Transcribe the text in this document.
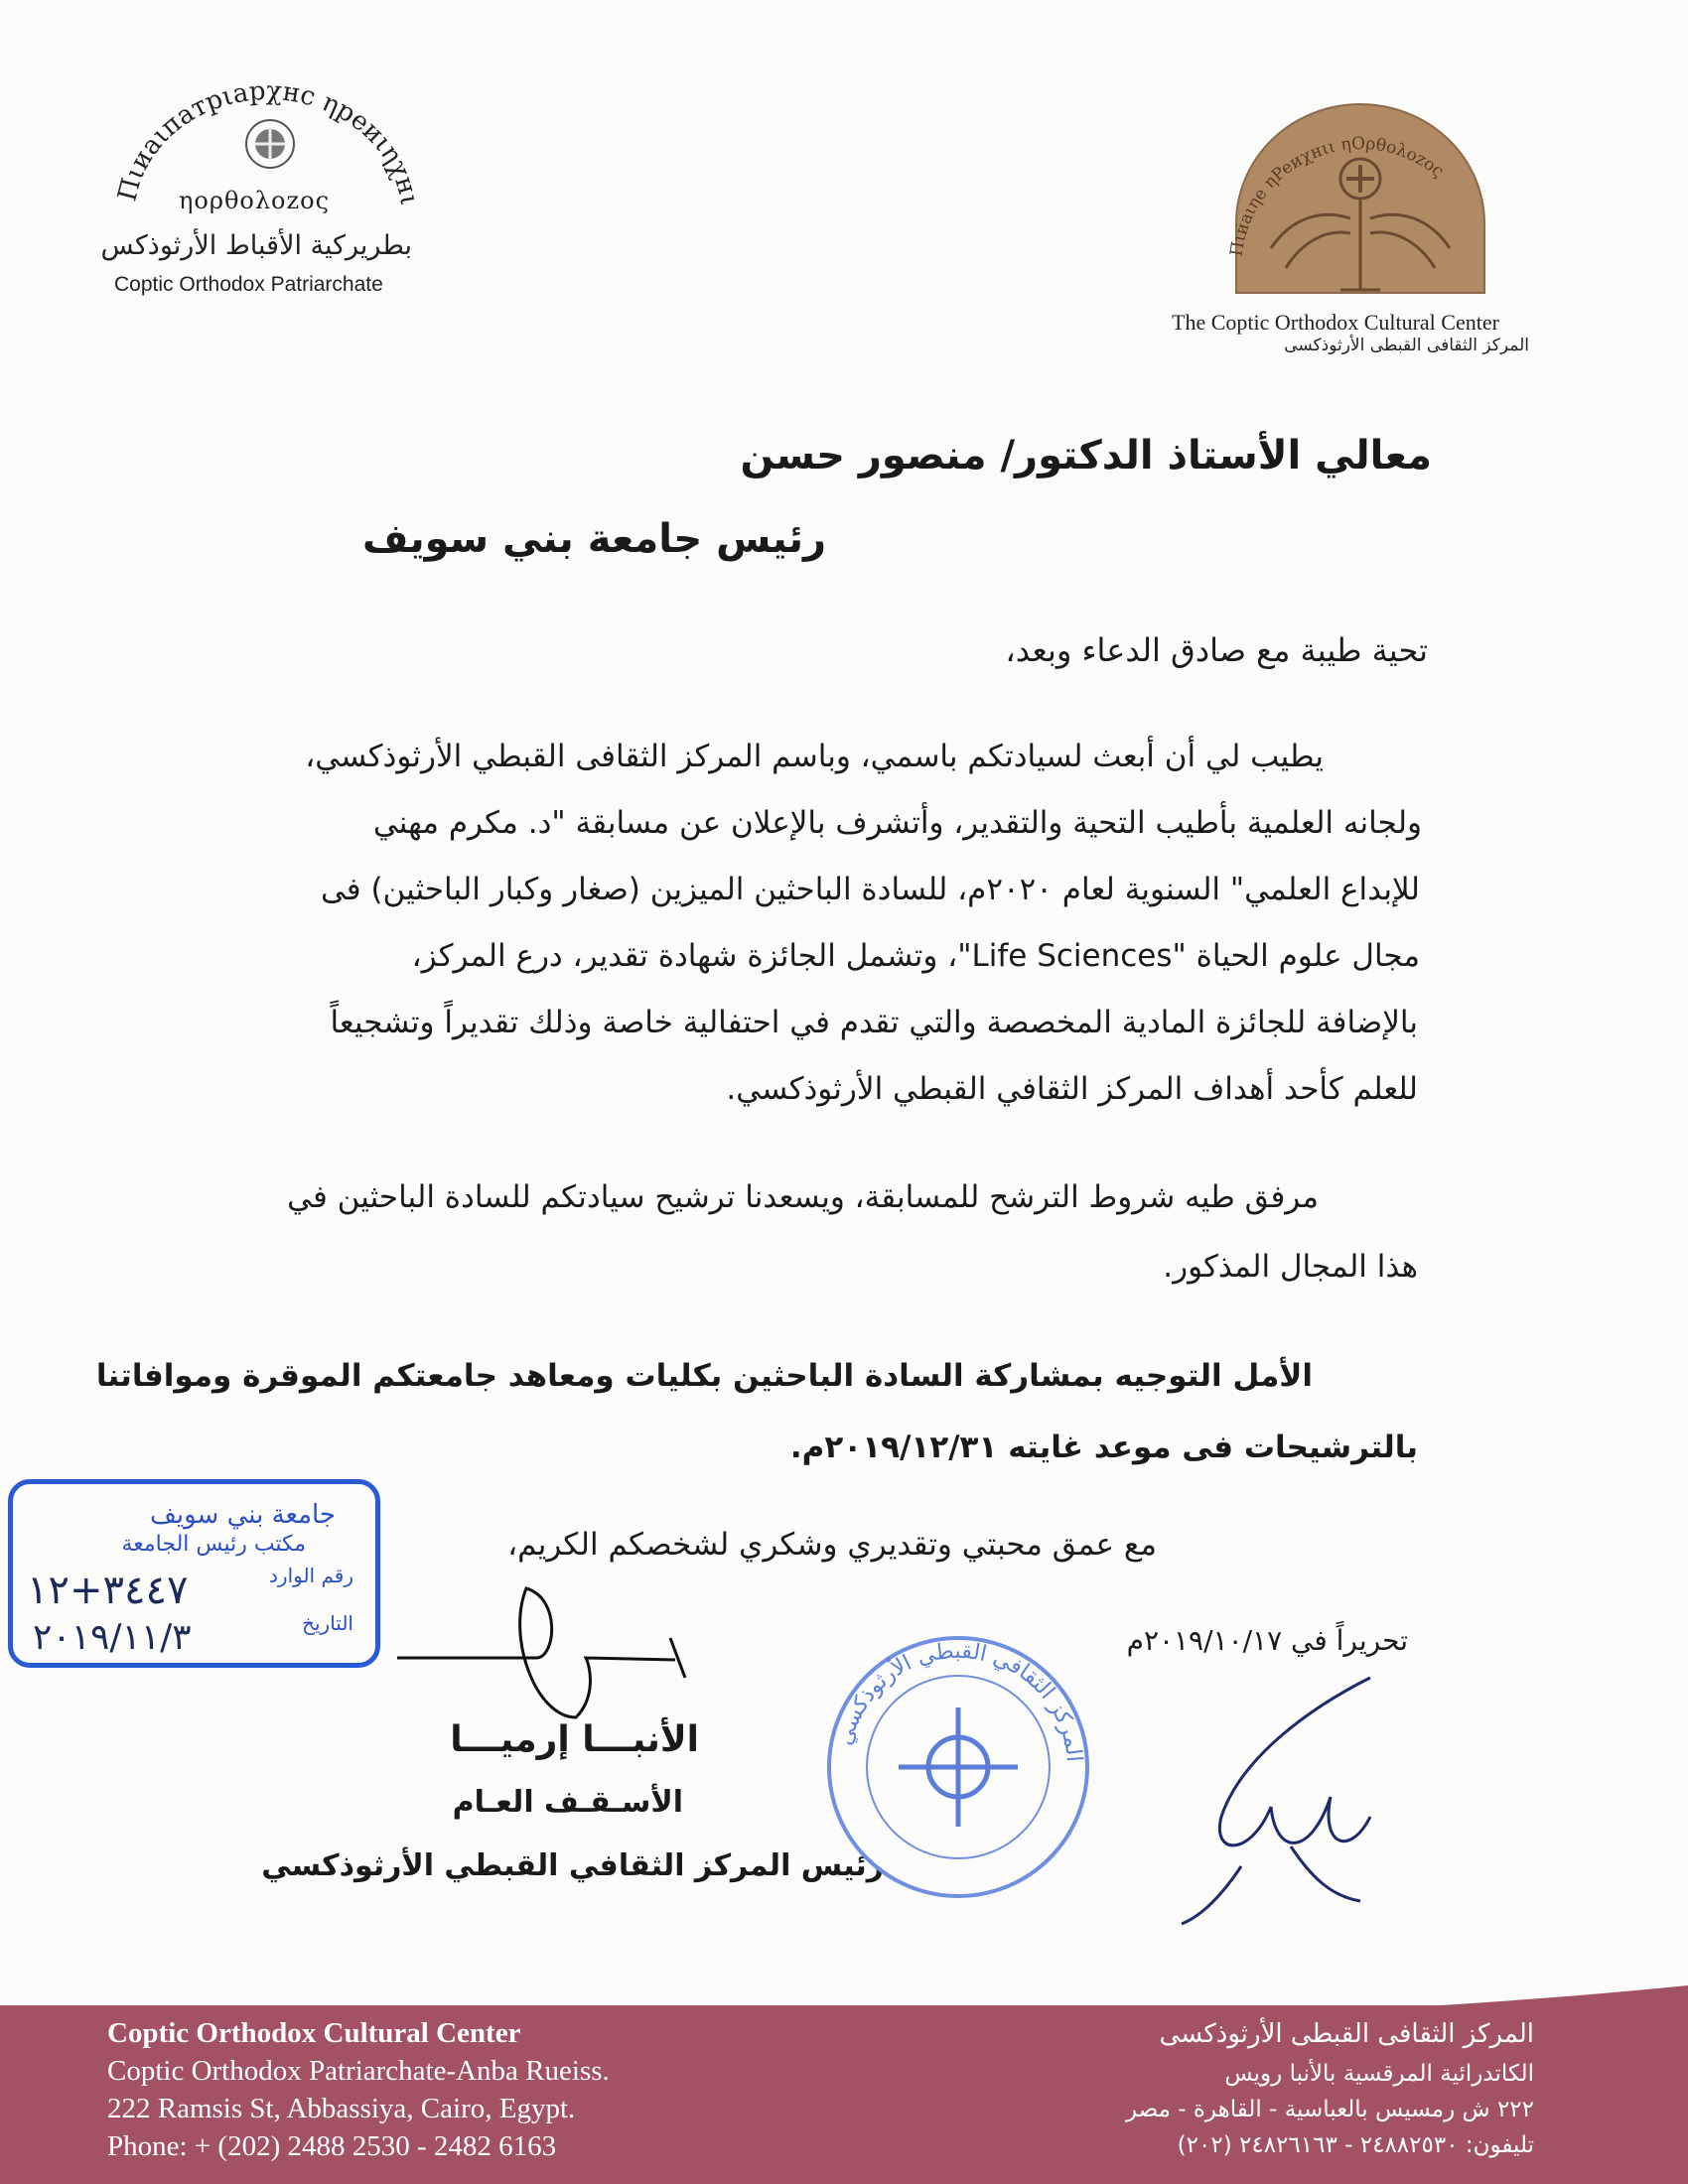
Пιиaιпaтpιapχнс ηpeиιηχнι
ηορθολοzος
بطريركية الأقباط الأرثوذكس
Coptic Orthodox Patriarchate
Пιиaιηe ηPeиχнιι ηΟρθολοzος
The Coptic Orthodox Cultural Center
المركز الثقافى القبطى الأرثوذكسى
معالي الأستاذ الدكتور/ منصور حسن
رئيس جامعة بني سويف
تحية طيبة مع صادق الدعاء وبعد،
يطيب لي أن أبعث لسيادتكم باسمي، وباسم المركز الثقافى القبطي الأرثوذكسي،
ولجانه العلمية بأطيب التحية والتقدير، وأتشرف بالإعلان عن مسابقة "د. مكرم مهني
للإبداع العلمي" السنوية لعام ٢٠٢٠م، للسادة الباحثين الميزين (صغار وكبار الباحثين) فى
مجال علوم الحياة "Life Sciences"، وتشمل الجائزة شهادة تقدير، درع المركز،
بالإضافة للجائزة المادية المخصصة والتي تقدم في احتفالية خاصة وذلك تقديراً وتشجيعاً
للعلم كأحد أهداف المركز الثقافي القبطي الأرثوذكسي.
مرفق طيه شروط الترشح للمسابقة، ويسعدنا ترشيح سيادتكم للسادة الباحثين في
هذا المجال المذكور.
الأمل التوجيه بمشاركة السادة الباحثين بكليات ومعاهد جامعتكم الموقرة وموافاتنا
بالترشيحات فى موعد غايته ٢٠١٩/١٢/٣١م.
مع عمق محبتي وتقديري وشكري لشخصكم الكريم،
تحريراً في ٢٠١٩/١٠/١٧م
الأنبـــا إرميـــا
الأسـقـف العـام
رئيس المركز الثقافي القبطي الأرثوذكسي
المركز الثقافي القبطي الأرثوذكسي
جامعة بني سويف
مكتب رئيس الجامعة
رقم الوارد
٣٤٤٧+١٢
التاريخ
٢٠١٩/١١/٣
Coptic Orthodox Cultural Center
Coptic Orthodox Patriarchate-Anba Rueiss.
222 Ramsis St, Abbassiya, Cairo, Egypt.
Phone: + (202) 2488 2530 - 2482 6163
المركز الثقافى القبطى الأرثوذكسى
الكاتدرائية المرقسية بالأنبا رويس
٢٢٢ ش رمسيس بالعباسية - القاهرة - مصر
تليفون: ٢٤٨٨٢٥٣٠ - ٢٤٨٢٦١٦٣ (٢٠٢)
